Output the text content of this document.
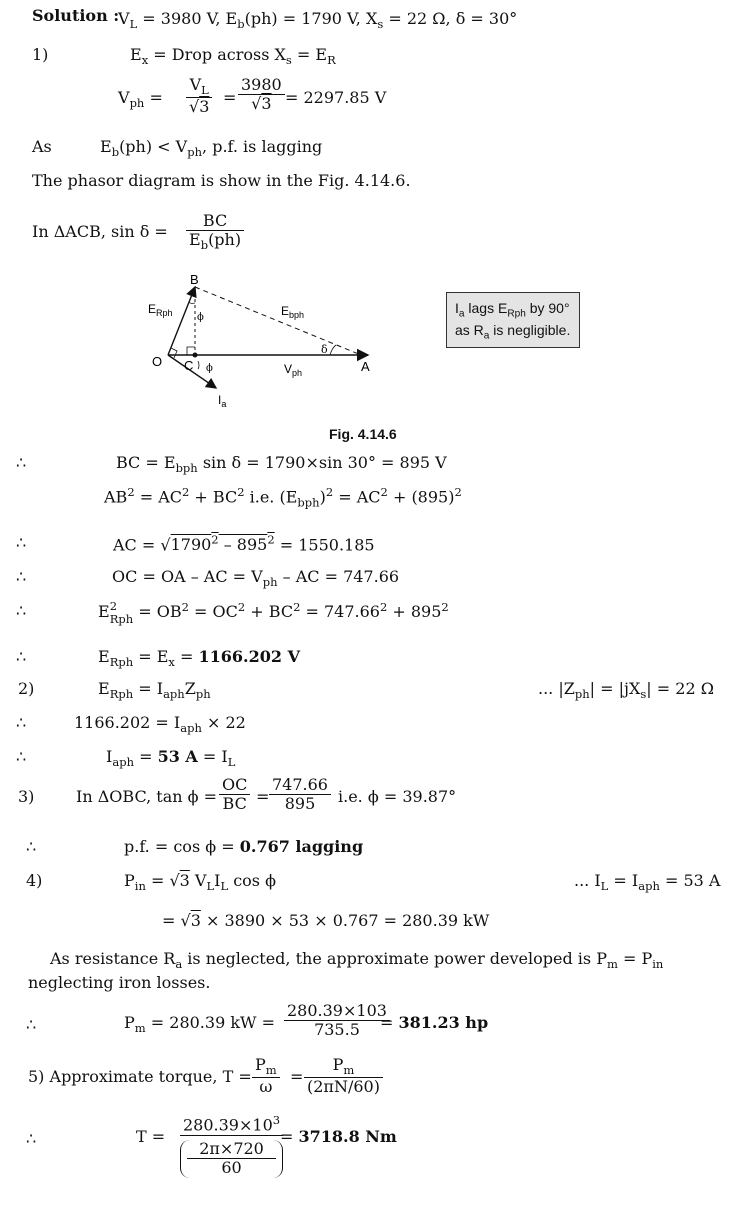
Solution :
$V_L = 3980$ V, $E_b(ph) = 1790$ V, $X_s = 22$ Ω, δ = 30°
1)	$E_x$ = Drop across $X_s = E_R$
$V_{ph} = \frac{V_L}{√3} = \frac{3980}{√3} = 2297.85$ V
As	$E_b(ph) < V_{ph}$, p.f. is lagging
The phasor diagram is show in the Fig. 4.14.6.
In ΔACB, $\sin \delta = \frac{BC}{E_b(ph)}$
B
O C	A
ϕ
ϕ
δ
$E_{Rph}$	$E_{bph}$
$V_{ph}$
$I_a$
$I_a$ lags $E_{Rph}$ by 90°
as $R_a$ is negligible.
Fig. 4.14.6
∴	BC = $E_{bph}$ sin δ = 1790×sin 30° = 895 V
$AB^2 = AC^2 + BC^2$ i.e. $(E_{bph})^2 = AC^2 + (895)^2$
∴	AC = $√1790^2 - 895^2 = 1550.185$
∴	OC = OA – AC = $V_{ph}$ – AC = 747.66
∴	E 2
Rph = $OB^2 = OC^2 + BC^2 = 747.66^2 + 895^2$
∴	$E_{Rph} = E_x = 1166.202$ V
2)	$E_{Rph} = I_{aph}Z_{ph}$	... $|Z_{ph}| = |jX_s| = 22$ Ω
∴	$1166.202 = I_{aph} \times 22$
∴	$I_{aph} = 53$ $A = I_L$
3)	In ΔOBC, $\tan \phi = \frac{OC}{BC} = \frac{747.66}{895} i.e$. ϕ = 39.87°
∴	p.f. = cos ϕ = 0.767 lagging
4)	$P_{in} = √3$ $V_LI_L$ cos ϕ	... $I_L = I_{aph} = 53$ A
= √3 × 3890 × 53 × 0.767 = 280.39 kW
As resistance $R_a$ is neglected, the approximate power developed is $P_m = P_{in}$
neglecting iron losses.
∴	$P_m = 280.39$ kW = $\frac{280.39\times 103}{735.5}$
= 381.23 hp
5) Approximate torque, $T = \frac{P_m}{\omega} = \frac{P_m}{(2\pi N/60)}$
∴	$T = 280.39\times 10^3$
2π×720
60
= 3718.8 Nm
